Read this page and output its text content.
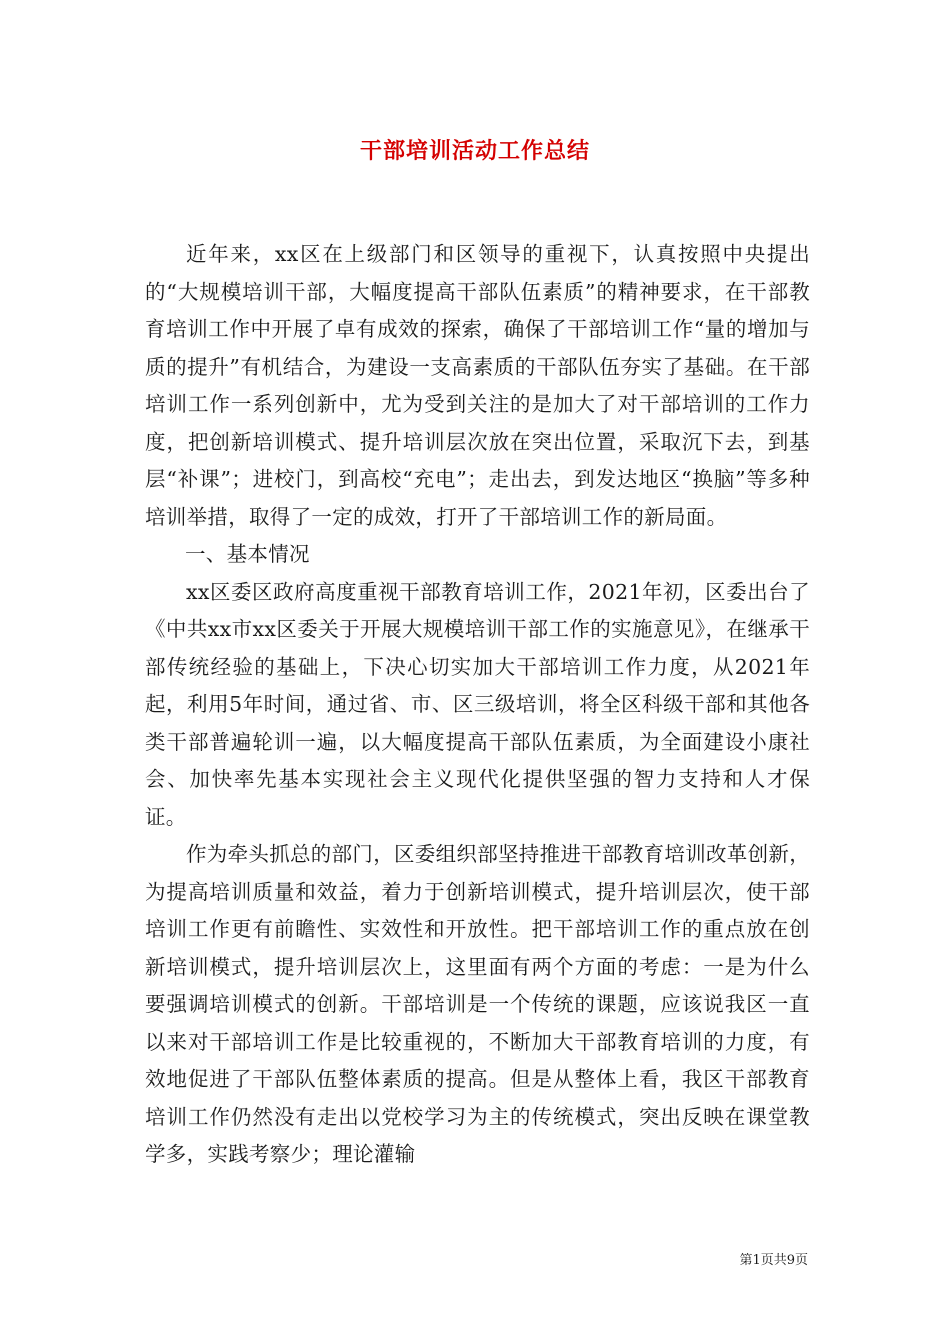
干部培训活动工作总结

近年来，xx区在上级部门和区领导的重视下，认真按照中央提出的“大规模培训干部，大幅度提高干部队伍素质”的精神要求，在干部教育培训工作中开展了卓有成效的探索，确保了干部培训工作“量的增加与质的提升”有机结合，为建设一支高素质的干部队伍夯实了基础。在干部培训工作一系列创新中，尤为受到关注的是加大了对干部培训的工作力度，把创新培训模式、提升培训层次放在突出位置，采取沉下去，到基层“补课”；进校门，到高校“充电”；走出去，到发达地区“换脑”等多种培训举措，取得了一定的成效，打开了干部培训工作的新局面。

一、基本情况

xx区委区政府高度重视干部教育培训工作，2021年初，区委出台了《中共xx市xx区委关于开展大规模培训干部工作的实施意见》，在继承干部传统经验的基础上，下决心切实加大干部培训工作力度，从2021年起，利用5年时间，通过省、市、区三级培训，将全区科级干部和其他各类干部普遍轮训一遍，以大幅度提高干部队伍素质，为全面建设小康社会、加快率先基本实现社会主义现代化提供坚强的智力支持和人才保证。

作为牵头抓总的部门，区委组织部坚持推进干部教育培训改革创新，为提高培训质量和效益，着力于创新培训模式，提升培训层次，使干部培训工作更有前瞻性、实效性和开放性。把干部培训工作的重点放在创新培训模式，提升培训层次上，这里面有两个方面的考虑：一是为什么要强调培训模式的创新。干部培训是一个传统的课题，应该说我区一直以来对干部培训工作是比较重视的，不断加大干部教育培训的力度，有效地促进了干部队伍整体素质的提高。但是从整体上看，我区干部教育培训工作仍然没有走出以党校学习为主的传统模式，突出反映在课堂教学多，实践考察少；理论灌输

第1页共9页
